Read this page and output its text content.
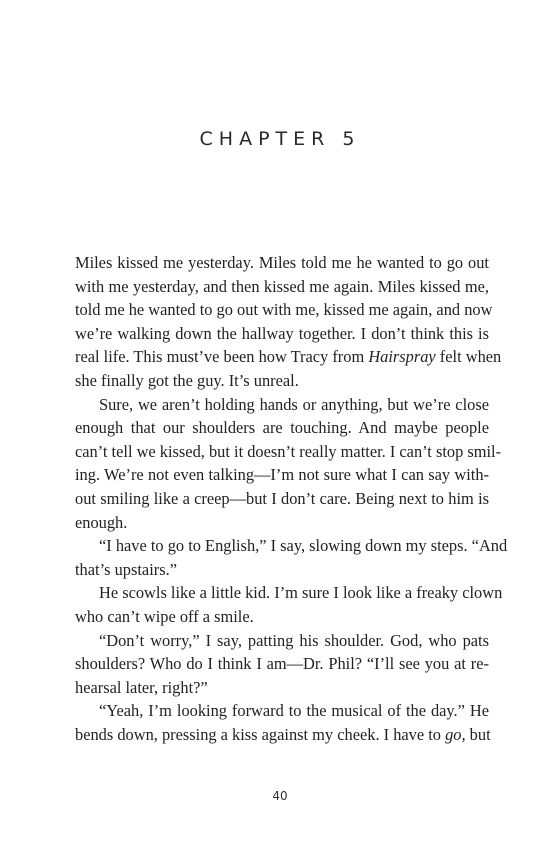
CHAPTER 5
Miles kissed me yesterday. Miles told me he wanted to go out
with me yesterday, and then kissed me again. Miles kissed me,
told me he wanted to go out with me, kissed me again, and now
we’re walking down the hallway together. I don’t think this is
real life. This must’ve been how Tracy from Hairspray felt when
she finally got the guy. It’s unreal.
Sure, we aren’t holding hands or anything, but we’re close
enough that our shoulders are touching. And maybe people
can’t tell we kissed, but it doesn’t really matter. I can’t stop smil-
ing. We’re not even talking—I’m not sure what I can say with-
out smiling like a creep—but I don’t care. Being next to him is
enough.
“I have to go to English,” I say, slowing down my steps. “And
that’s upstairs.”
He scowls like a little kid. I’m sure I look like a freaky clown
who can’t wipe off a smile.
“Don’t worry,” I say, patting his shoulder. God, who pats
shoulders? Who do I think I am—Dr. Phil? “I’ll see you at re-
hearsal later, right?”
“Yeah, I’m looking forward to the musical of the day.” He
bends down, pressing a kiss against my cheek. I have to go, but
40
